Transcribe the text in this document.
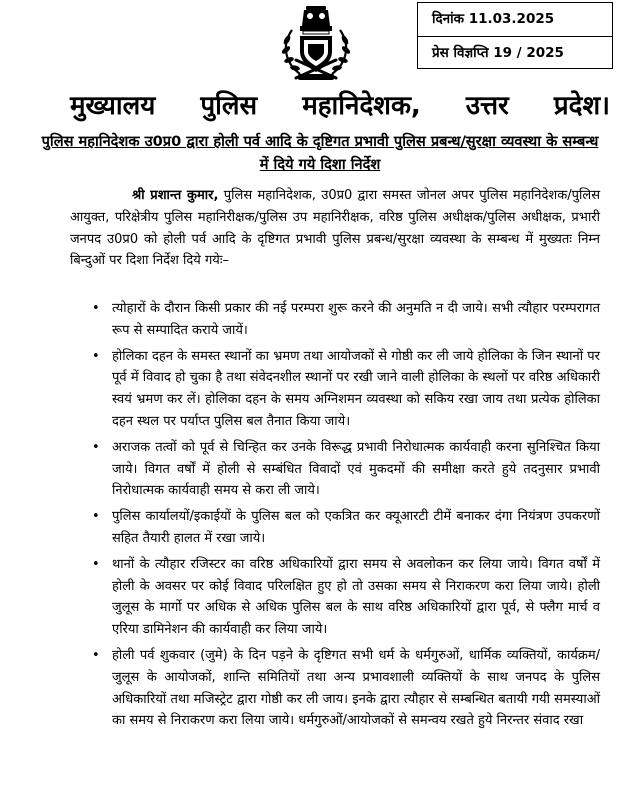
दिनांक 11.03.2025
प्रेस विज्ञप्ति 19 / 2025
मुख्यालय पुलिस महानिदेशक, उत्तर प्रदेश।
पुलिस महानिदेशक उ0प्र0 द्वारा होली पर्व आदि के दृष्टिगत प्रभावी पुलिस प्रबन्ध/सुरक्षा व्यवस्था के सम्बन्ध में दिये गये दिशा निर्देश
श्री प्रशान्त कुमार, पुलिस महानिदेशक, उ0प्र0 द्वारा समस्त जोनल अपर पुलिस महानिदेशक/पुलिस आयुक्त, परिक्षेत्रीय पुलिस महानिरीक्षक/पुलिस उप महानिरीक्षक, वरिष्ठ पुलिस अधीक्षक/पुलिस अधीक्षक, प्रभारी जनपद उ0प्र0 को होली पर्व आदि के दृष्टिगत प्रभावी पुलिस प्रबन्ध/सुरक्षा व्यवस्था के सम्बन्ध में मुख्यतः निम्न बिन्दुओं पर दिशा निर्देश दिये गयेः–
• त्योहारों के दौरान किसी प्रकार की नई परम्परा शुरू करने की अनुमति न दी जाये। सभी त्यौहार परम्परागत रूप से सम्पादित कराये जायें।
• होलिका दहन के समस्त स्थानों का भ्रमण तथा आयोजकों से गोष्ठी कर ली जाये होलिका के जिन स्थानों पर पूर्व में विवाद हो चुका है तथा संवेदनशील स्थानों पर रखी जाने वाली होलिका के स्थलों पर वरिष्ठ अधिकारी स्वयं भ्रमण कर लें। होलिका दहन के समय अग्निशमन व्यवस्था को सकिय रखा जाय तथा प्रत्येक होलिका दहन स्थल पर पर्याप्त पुलिस बल तैनात किया जाये।
• अराजक तत्वों को पूर्व से चिन्हित कर उनके विरूद्ध प्रभावी निरोधात्मक कार्यवाही करना सुनिश्चित किया जाये। विगत वर्षों में होली से सम्बंधित विवादों एवं मुकदमों की समीक्षा करते हुये तदनुसार प्रभावी निरोधात्मक कार्यवाही समय से करा ली जाये।
• पुलिस कार्यालयों/इकाईयों के पुलिस बल को एकत्रित कर क्यूआरटी टीमें बनाकर दंगा नियंत्रण उपकरणों सहित तैयारी हालत में रखा जाये।
• थानों के त्यौहार रजिस्टर का वरिष्ठ अधिकारियों द्वारा समय से अवलोकन कर लिया जाये। विगत वर्षों में होली के अवसर पर कोई विवाद परिलक्षित हुए हो तो उसका समय से निराकरण करा लिया जाये। होली जुलूस के मार्गो पर अधिक से अधिक पुलिस बल के साथ वरिष्ठ अधिकारियों द्वारा पूर्व, से फ्लैग मार्च व एरिया डामिनेशन की कार्यवाही कर लिया जाये।
• होली पर्व शुकवार (जुमे) के दिन पड़ने के दृष्टिगत सभी धर्म के धर्मगुरुओं, धार्मिक व्यक्तियों, कार्यक्रम/जुलूस के आयोजकों, शान्ति समितियों तथा अन्य प्रभावशाली व्यक्तियों के साथ जनपद के पुलिस अधिकारियों तथा मजिस्ट्रेट द्वारा गोष्ठी कर ली जाय। इनके द्वारा त्यौहार से सम्बन्धित बतायी गयी समस्याओं का समय से निराकरण करा लिया जाये। धर्मगुरुओं/आयोजकों से समन्वय रखते हुये निरन्तर संवाद रखा
